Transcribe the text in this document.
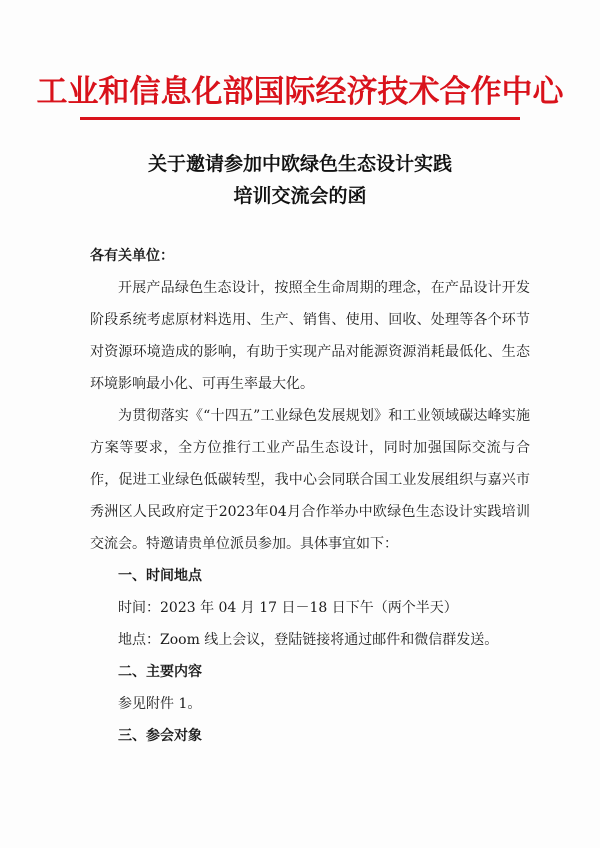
工业和信息化部国际经济技术合作中心
关于邀请参加中欧绿色生态设计实践
培训交流会的函
各有关单位：
开展产品绿色生态设计，按照全生命周期的理念，在产品设计开发阶段系统考虑原材料选用、生产、销售、使用、回收、处理等各个环节对资源环境造成的影响，有助于实现产品对能源资源消耗最低化、生态环境影响最小化、可再生率最大化。
为贯彻落实《“十四五”工业绿色发展规划》和工业领域碳达峰实施方案等要求，全方位推行工业产品生态设计，同时加强国际交流与合作，促进工业绿色低碳转型，我中心会同联合国工业发展组织与嘉兴市秀洲区人民政府定于2023年04月合作举办中欧绿色生态设计实践培训交流会。特邀请贵单位派员参加。具体事宜如下：
一、时间地点
时间：2023 年 04 月 17 日－18 日下午（两个半天）
地点：Zoom 线上会议，登陆链接将通过邮件和微信群发送。
二、主要内容
参见附件 1。
三、参会对象
